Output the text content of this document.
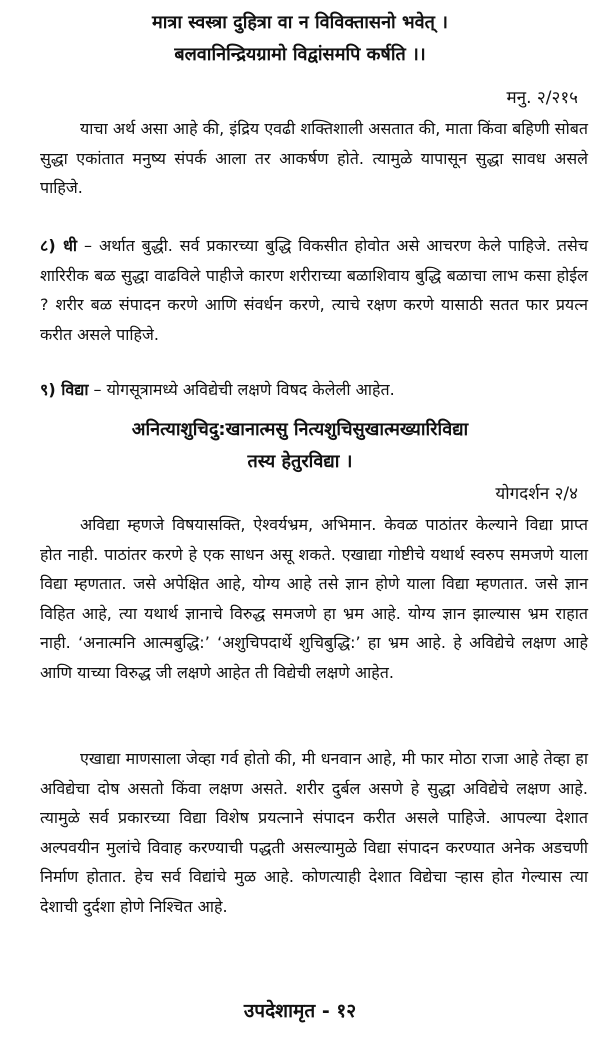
मात्रा स्वस्त्रा दुहित्रा वा न विविक्तासनो भवेत् ।

बलवानिन्द्रियग्रामो विद्वांसमपि कर्षति ।।

मनु. २/२१५

याचा अर्थ असा आहे की, इंद्रिय एवढी शक्तिशाली असतात की, माता किंवा बहिणी सोबत सुद्धा एकांतात मनुष्य संपर्क आला तर आकर्षण होते. त्यामुळे यापासून सुद्धा सावध असले पाहिजे.

८) धी – अर्थात बुद्धी. सर्व प्रकारच्या बुद्धि विकसीत होवोत असे आचरण केले पाहिजे. तसेच शारिरीक बळ सुद्धा वाढविले पाहीजे कारण शरीराच्या बळाशिवाय बुद्धि बळाचा लाभ कसा होईल ? शरीर बळ संपादन करणे आणि संवर्धन करणे, त्याचे रक्षण करणे यासाठी सतत फार प्रयत्न करीत असले पाहिजे.

९) विद्या – योगसूत्रामध्ये अविद्येची लक्षणे विषद केलेली आहेत.

अनित्याशुचिदु:खानात्मसु नित्यशुचिसुखात्मख्यारिविद्या

तस्य हेतुरविद्या ।

योगदर्शन २/४

अविद्या म्हणजे विषयासक्ति, ऐश्वर्यभ्रम, अभिमान. केवळ पाठांतर केल्याने विद्या प्राप्त होत नाही. पाठांतर करणे हे एक साधन असू शकते. एखाद्या गोष्टीचे यथार्थ स्वरुप समजणे याला विद्या म्हणतात. जसे अपेक्षित आहे, योग्य आहे तसे ज्ञान होणे याला विद्या म्हणतात. जसे ज्ञान विहित आहे, त्या यथार्थ ज्ञानाचे विरुद्ध समजणे हा भ्रम आहे. योग्य ज्ञान झाल्यास भ्रम राहात नाही. ‘अनात्मनि आत्मबुद्धि:’ ‘अशुचिपदार्थे शुचिबुद्धि:’ हा भ्रम आहे. हे अविद्येचे लक्षण आहे आणि याच्या विरुद्ध जी लक्षणे आहेत ती विद्येची लक्षणे आहेत.

एखाद्या माणसाला जेव्हा गर्व होतो की, मी धनवान आहे, मी फार मोठा राजा आहे तेव्हा हा अविद्येचा दोष असतो किंवा लक्षण असते. शरीर दुर्बल असणे हे सुद्धा अविद्येचे लक्षण आहे. त्यामुळे सर्व प्रकारच्या विद्या विशेष प्रयत्नाने संपादन करीत असले पाहिजे. आपल्या देशात अल्पवयीन मुलांचे विवाह करण्याची पद्धती असल्यामुळे विद्या संपादन करण्यात अनेक अडचणी निर्माण होतात. हेच सर्व विद्यांचे मुळ आहे. कोणत्याही देशात विद्येचा ऱ्हास होत गेल्यास त्या देशाची दुर्दशा होणे निश्चित आहे.

उपदेशामृत - १२
